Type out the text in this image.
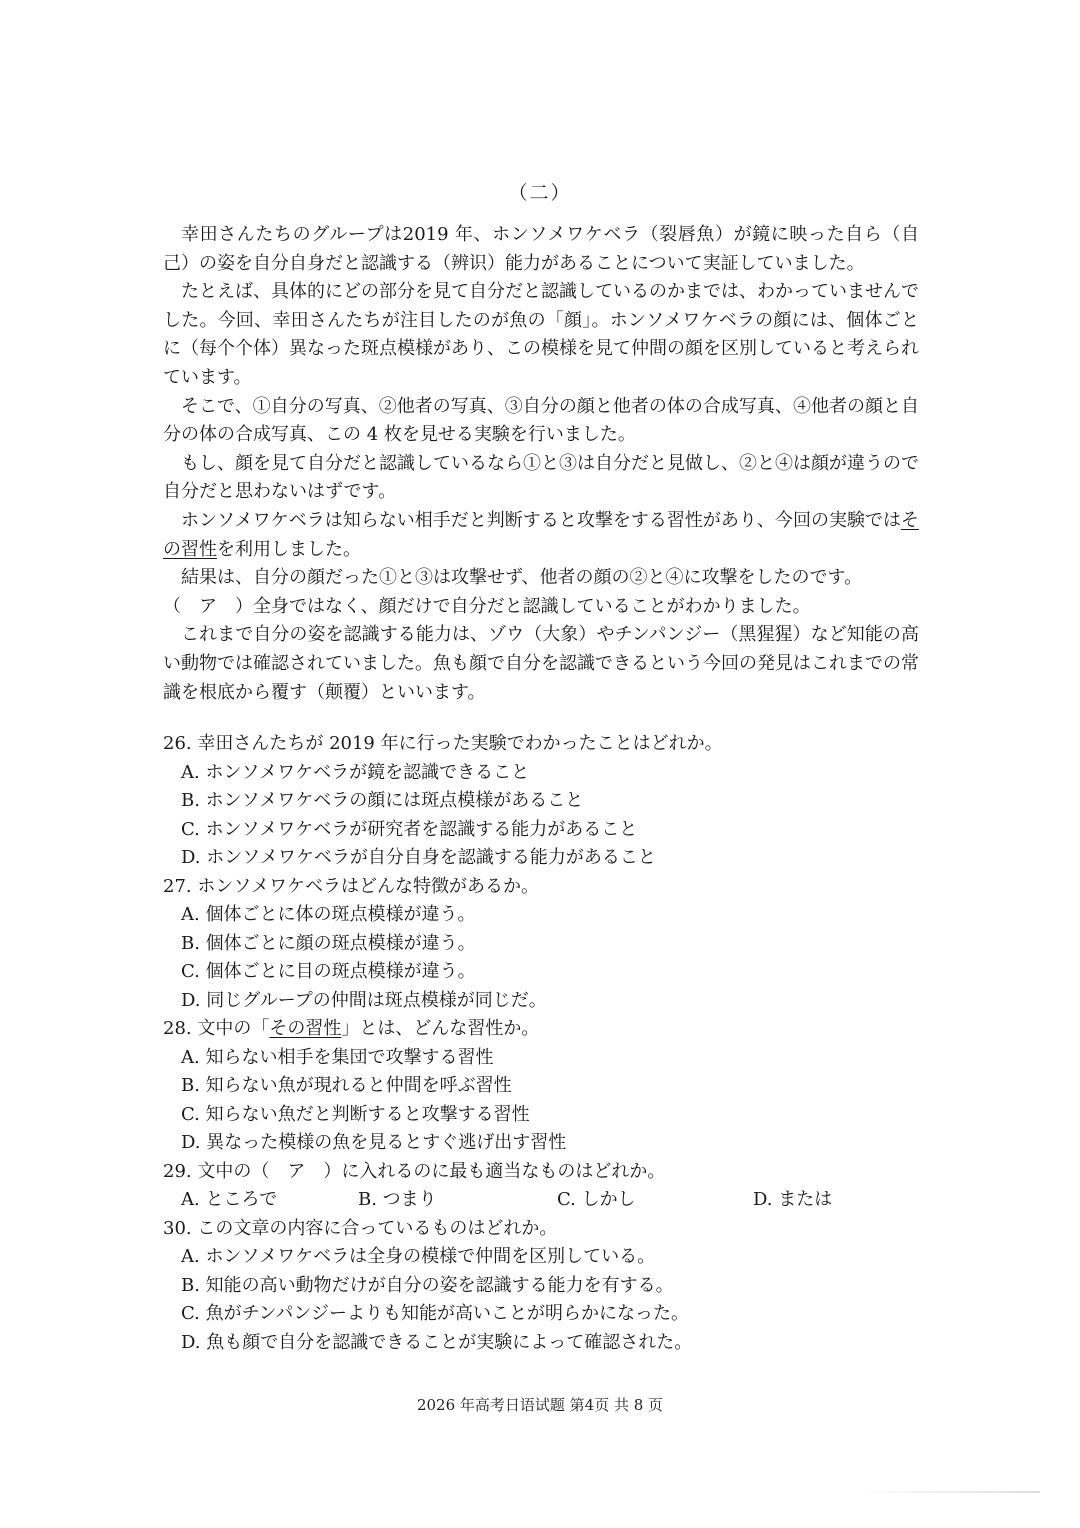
（二）

幸田さんたちのグループは2019 年、ホンソメワケベラ（裂唇魚）が鏡に映った自ら（自己）の姿を自分自身だと認識する（辨识）能力があることについて実証していました。

たとえば、具体的にどの部分を見て自分だと認識しているのかまでは、わかっていませんでした。今回、幸田さんたちが注目したのが魚の「顔」。ホンソメワケベラの顔には、個体ごとに（每个个体）異なった斑点模様があり、この模様を見て仲間の顔を区別していると考えられています。

そこで、①自分の写真、②他者の写真、③自分の顔と他者の体の合成写真、④他者の顔と自分の体の合成写真、この 4 枚を見せる実験を行いました。

もし、顔を見て自分だと認識しているなら①と③は自分だと見做し、②と④は顔が違うので自分だと思わないはずです。

ホンソメワケベラは知らない相手だと判断すると攻撃をする習性があり、今回の実験ではその習性を利用しました。

結果は、自分の顔だった①と③は攻撃せず、他者の顔の②と④に攻撃をしたのです。

（　ア　）全身ではなく、顔だけで自分だと認識していることがわかりました。

これまで自分の姿を認識する能力は、ゾウ（大象）やチンパンジー（黑猩猩）など知能の高い動物では確認されていました。魚も顔で自分を認識できるという今回の発見はこれまでの常識を根底から覆す（颠覆）といいます。

26. 幸田さんたちが 2019 年に行った実験でわかったことはどれか。

A. ホンソメワケベラが鏡を認識できること

B. ホンソメワケベラの顔には斑点模様があること

C. ホンソメワケベラが研究者を認識する能力があること

D. ホンソメワケベラが自分自身を認識する能力があること

27. ホンソメワケベラはどんな特徴があるか。

A. 個体ごとに体の斑点模様が違う。

B. 個体ごとに顔の斑点模様が違う。

C. 個体ごとに目の斑点模様が違う。

D. 同じグループの仲間は斑点模様が同じだ。

28. 文中の「その習性」とは、どんな習性か。

A. 知らない相手を集団で攻撃する習性

B. 知らない魚が現れると仲間を呼ぶ習性

C. 知らない魚だと判断すると攻撃する習性

D. 異なった模様の魚を見るとすぐ逃げ出す習性

29. 文中の（　ア　）に入れるのに最も適当なものはどれか。

A. ところで	B. つまり	C. しかし	D. または

30. この文章の内容に合っているものはどれか。

A. ホンソメワケベラは全身の模様で仲間を区別している。

B. 知能の高い動物だけが自分の姿を認識する能力を有する。

C. 魚がチンパンジーよりも知能が高いことが明らかになった。

D. 魚も顔で自分を認識できることが実験によって確認された。

2026 年高考日语试题 第4页 共 8 页
